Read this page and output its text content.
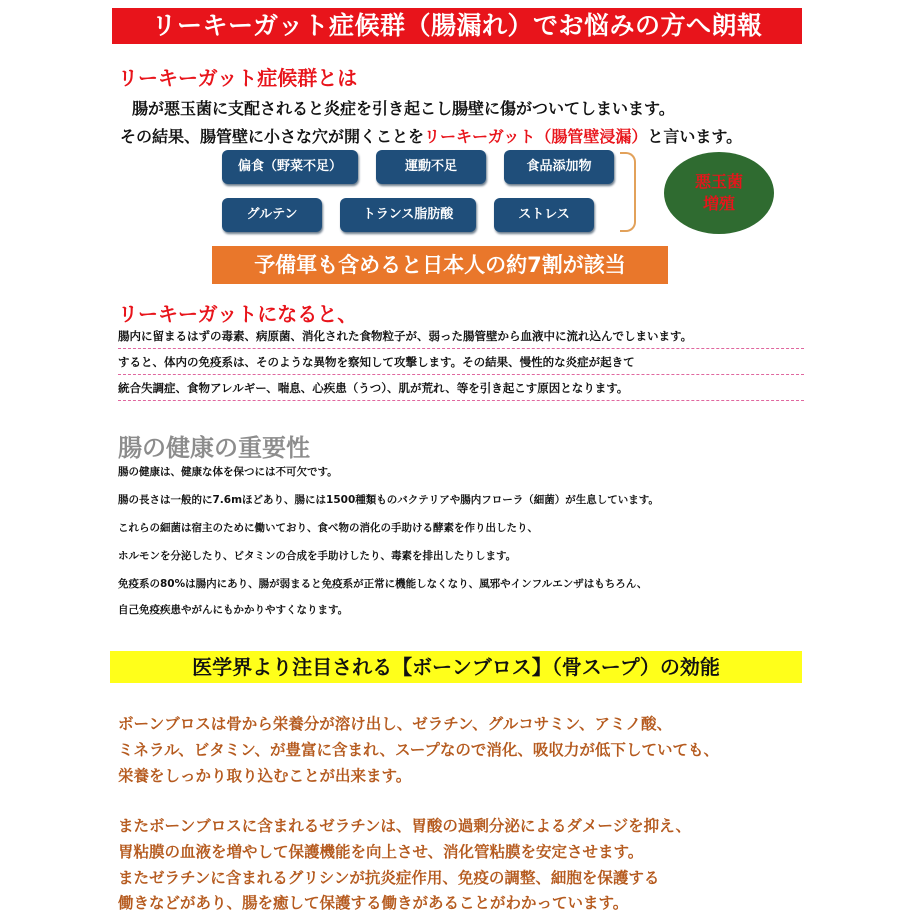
リーキーガット症候群（腸漏れ）でお悩みの方へ朗報
リーキーガット症候群とは
腸が悪玉菌に支配されると炎症を引き起こし腸壁に傷がついてしまいます。
その結果、腸管壁に小さな穴が開くことをリーキーガット（腸管壁浸漏）と言います。
偏食（野菜不足）	運動不足	食品添加物
グルテン	トランス脂肪酸	ストレス
悪玉菌
増殖
予備軍も含めると日本人の約7割が該当
リーキーガットになると、
腸内に留まるはずの毒素、病原菌、消化された食物粒子が、弱った腸管壁から血液中に流れ込んでしまいます。
すると、体内の免疫系は、そのような異物を察知して攻撃します。その結果、慢性的な炎症が起きて
統合失調症、食物アレルギー、喘息、心疾患（うつ）、肌が荒れ、等を引き起こす原因となります。
腸の健康の重要性
腸の健康は、健康な体を保つには不可欠です。
腸の長さは一般的に7.6mほどあり、腸には1500種類ものバクテリアや腸内フローラ（細菌）が生息しています。
これらの細菌は宿主のために働いており、食べ物の消化の手助ける酵素を作り出したり、
ホルモンを分泌したり、ビタミンの合成を手助けしたり、毒素を排出したりします。
免疫系の80%は腸内にあり、腸が弱まると免疫系が正常に機能しなくなり、風邪やインフルエンザはもちろん、
自己免疫疾患やがんにもかかりやすくなります。
医学界より注目される【ボーンブロス】（骨スープ）の効能
ボーンブロスは骨から栄養分が溶け出し、ゼラチン、グルコサミン、アミノ酸、
ミネラル、ビタミン、が豊富に含まれ、スープなので消化、吸収力が低下していても、
栄養をしっかり取り込むことが出来ます。
またボーンブロスに含まれるゼラチンは、胃酸の過剰分泌によるダメージを抑え、
胃粘膜の血液を増やして保護機能を向上させ、消化管粘膜を安定させます。
またゼラチンに含まれるグリシンが抗炎症作用、免疫の調整、細胞を保護する
働きなどがあり、腸を癒して保護する働きがあることがわかっています。
